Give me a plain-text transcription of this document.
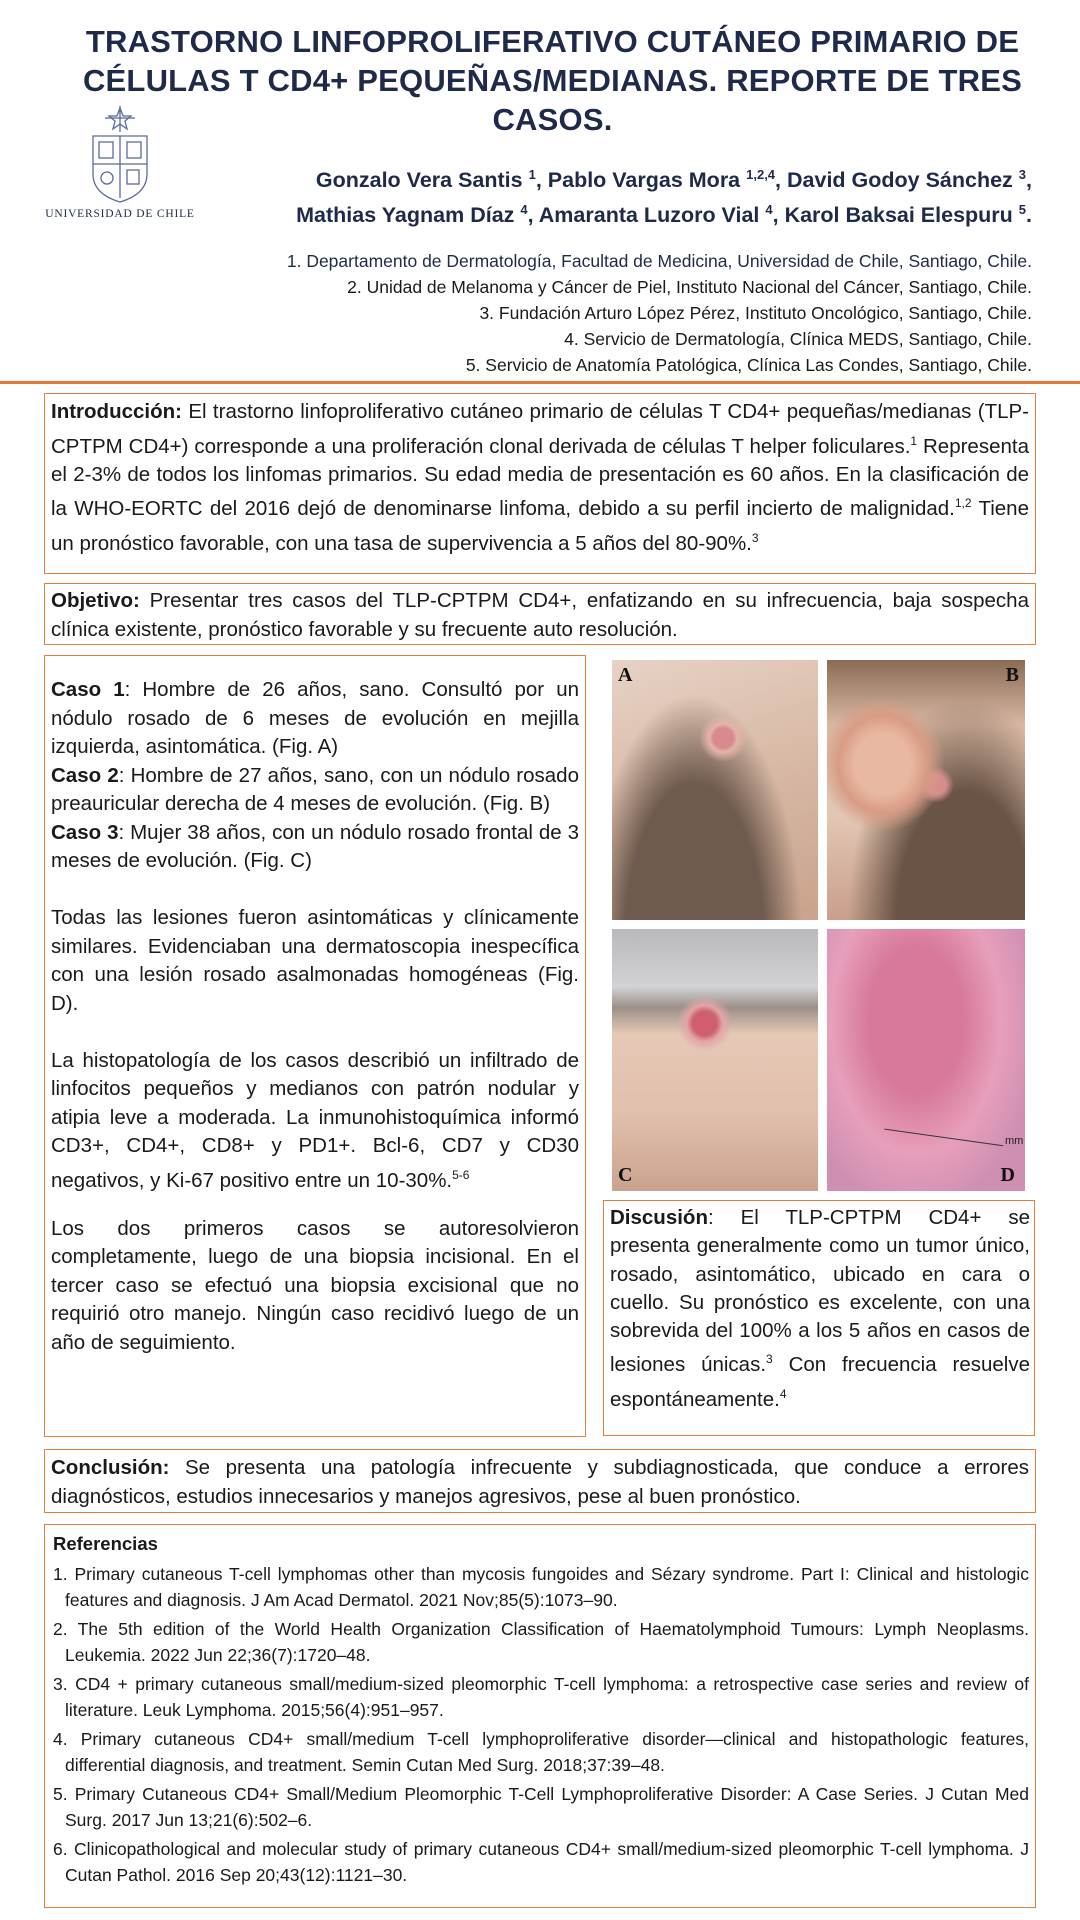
TRASTORNO LINFOPROLIFERATIVO CUTÁNEO PRIMARIO DE CÉLULAS T CD4+ PEQUEÑAS/MEDIANAS. REPORTE DE TRES CASOS.
UNIVERSIDAD DE CHILE
Gonzalo Vera Santis $^1$, Pablo Vargas Mora $^{1,2,4}$, David Godoy Sánchez $^3$,
Mathias Yagnam Díaz $^4$, Amaranta Luzoro Vial $^4$, Karol Baksai Elespuru $^5$.
1. Departamento de Dermatología, Facultad de Medicina, Universidad de Chile, Santiago, Chile.
2. Unidad de Melanoma y Cáncer de Piel, Instituto Nacional del Cáncer, Santiago, Chile.
3. Fundación Arturo López Pérez, Instituto Oncológico, Santiago, Chile.
4. Servicio de Dermatología, Clínica MEDS, Santiago, Chile.
5. Servicio de Anatomía Patológica, Clínica Las Condes, Santiago, Chile.

Introducción: El trastorno linfoproliferativo cutáneo primario de células T CD4+ pequeñas/medianas (TLP-CPTPM CD4+) corresponde a una proliferación clonal derivada de células T helper foliculares.$^1$ Representa el 2-3% de todos los linfomas primarios. Su edad media de presentación es 60 años. En la clasificación de la WHO-EORTC del 2016 dejó de denominarse linfoma, debido a su perfil incierto de malignidad.$^{1,2}$ Tiene un pronóstico favorable, con una tasa de supervivencia a 5 años del 80-90%.$^3$

Objetivo: Presentar tres casos del TLP-CPTPM CD4+, enfatizando en su infrecuencia, baja sospecha clínica existente, pronóstico favorable y su frecuente auto resolución.

Caso 1: Hombre de 26 años, sano. Consultó por un nódulo rosado de 6 meses de evolución en mejilla izquierda, asintomática. (Fig. A)

Caso 2: Hombre de 27 años, sano, con un nódulo rosado preauricular derecha de 4 meses de evolución. (Fig. B)

Caso 3: Mujer 38 años, con un nódulo rosado frontal de 3 meses de evolución. (Fig. C)

Todas las lesiones fueron asintomáticas y clínicamente similares. Evidenciaban una dermatoscopia inespecífica con una lesión rosado asalmonadas homogéneas (Fig. D).

La histopatología de los casos describió un infiltrado de linfocitos pequeños y medianos con patrón nodular y atipia leve a moderada. La inmunohistoquímica informó CD3+, CD4+, CD8+ y PD1+. Bcl-6, CD7 y CD30 negativos, y Ki-67 positivo entre un 10-30%.$^{5-6}$

Los dos primeros casos se autoresolvieron completamente, luego de una biopsia incisional. En el tercer caso se efectuó una biopsia excisional que no requirió otro manejo. Ningún caso recidivó luego de un año de seguimiento.

A	B
C
mm
D

Discusión: El TLP-CPTPM CD4+ se presenta generalmente como un tumor único, rosado, asintomático, ubicado en cara o cuello. Su pronóstico es excelente, con una sobrevida del 100% a los 5 años en casos de lesiones únicas.$^3$ Con frecuencia resuelve espontáneamente.$^4$

Conclusión: Se presenta una patología infrecuente y subdiagnosticada, que conduce a errores diagnósticos, estudios innecesarios y manejos agresivos, pese al buen pronóstico.

Referencias
1. Primary cutaneous T-cell lymphomas other than mycosis fungoides and Sézary syndrome. Part I: Clinical and histologic features and diagnosis. J Am Acad Dermatol. 2021 Nov;85(5):1073–90.
2. The 5th edition of the World Health Organization Classification of Haematolymphoid Tumours: Lymph Neoplasms. Leukemia. 2022 Jun 22;36(7):1720–48.
3. CD4 + primary cutaneous small/medium-sized pleomorphic T-cell lymphoma: a retrospective case series and review of literature. Leuk Lymphoma. 2015;56(4):951–957.
4. Primary cutaneous CD4+ small/medium T-cell lymphoproliferative disorder—clinical and histopathologic features, differential diagnosis, and treatment. Semin Cutan Med Surg. 2018;37:39–48.
5. Primary Cutaneous CD4+ Small/Medium Pleomorphic T-Cell Lymphoproliferative Disorder: A Case Series. J Cutan Med Surg. 2017 Jun 13;21(6):502–6.
6. Clinicopathological and molecular study of primary cutaneous CD4+ small/medium-sized pleomorphic T-cell lymphoma. J Cutan Pathol. 2016 Sep 20;43(12):1121–30.
